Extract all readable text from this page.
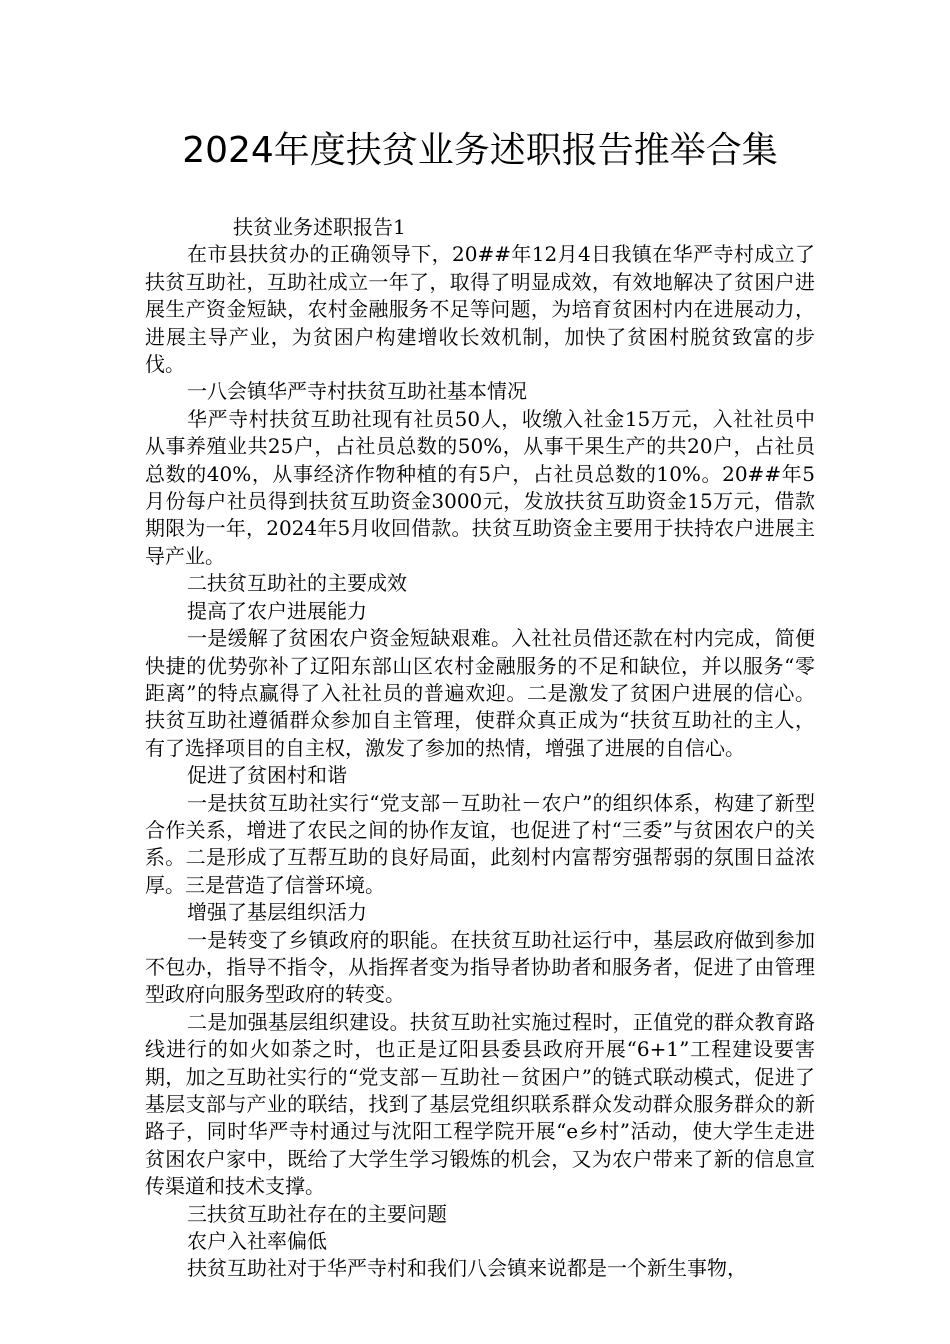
2024年度扶贫业务述职报告推举合集

扶贫业务述职报告1

在市县扶贫办的正确领导下，20##年12月4日我镇在华严寺村成立了扶贫互助社，互助社成立一年了，取得了明显成效，有效地解决了贫困户进展生产资金短缺，农村金融服务不足等问题，为培育贫困村内在进展动力，进展主导产业，为贫困户构建增收长效机制，加快了贫困村脱贫致富的步伐。

一八会镇华严寺村扶贫互助社基本情况

华严寺村扶贫互助社现有社员50人，收缴入社金15万元，入社社员中从事养殖业共25户，占社员总数的50%，从事干果生产的共20户，占社员总数的40%，从事经济作物种植的有5户，占社员总数的10%。20##年5月份每户社员得到扶贫互助资金3000元，发放扶贫互助资金15万元，借款期限为一年，2024年5月收回借款。扶贫互助资金主要用于扶持农户进展主导产业。

二扶贫互助社的主要成效

提高了农户进展能力

一是缓解了贫困农户资金短缺艰难。入社社员借还款在村内完成，简便快捷的优势弥补了辽阳东部山区农村金融服务的不足和缺位，并以服务“零距离”的特点赢得了入社社员的普遍欢迎。二是激发了贫困户进展的信心。扶贫互助社遵循群众参加自主管理，使群众真正成为“扶贫互助社的主人，有了选择项目的自主权，激发了参加的热情，增强了进展的自信心。

促进了贫困村和谐

一是扶贫互助社实行“党支部－互助社－农户”的组织体系，构建了新型合作关系，增进了农民之间的协作友谊，也促进了村“三委”与贫困农户的关系。二是形成了互帮互助的良好局面，此刻村内富帮穷强帮弱的氛围日益浓厚。三是营造了信誉环境。

增强了基层组织活力

一是转变了乡镇政府的职能。在扶贫互助社运行中，基层政府做到参加不包办，指导不指令，从指挥者变为指导者协助者和服务者，促进了由管理型政府向服务型政府的转变。

二是加强基层组织建设。扶贫互助社实施过程时，正值党的群众教育路线进行的如火如荼之时，也正是辽阳县委县政府开展“6+1”工程建设要害期，加之互助社实行的“党支部－互助社－贫困户”的链式联动模式，促进了基层支部与产业的联结，找到了基层党组织联系群众发动群众服务群众的新路子，同时华严寺村通过与沈阳工程学院开展“e乡村”活动，使大学生走进贫困农户家中，既给了大学生学习锻炼的机会，又为农户带来了新的信息宣传渠道和技术支撑。

三扶贫互助社存在的主要问题

农户入社率偏低

扶贫互助社对于华严寺村和我们八会镇来说都是一个新生事物，
